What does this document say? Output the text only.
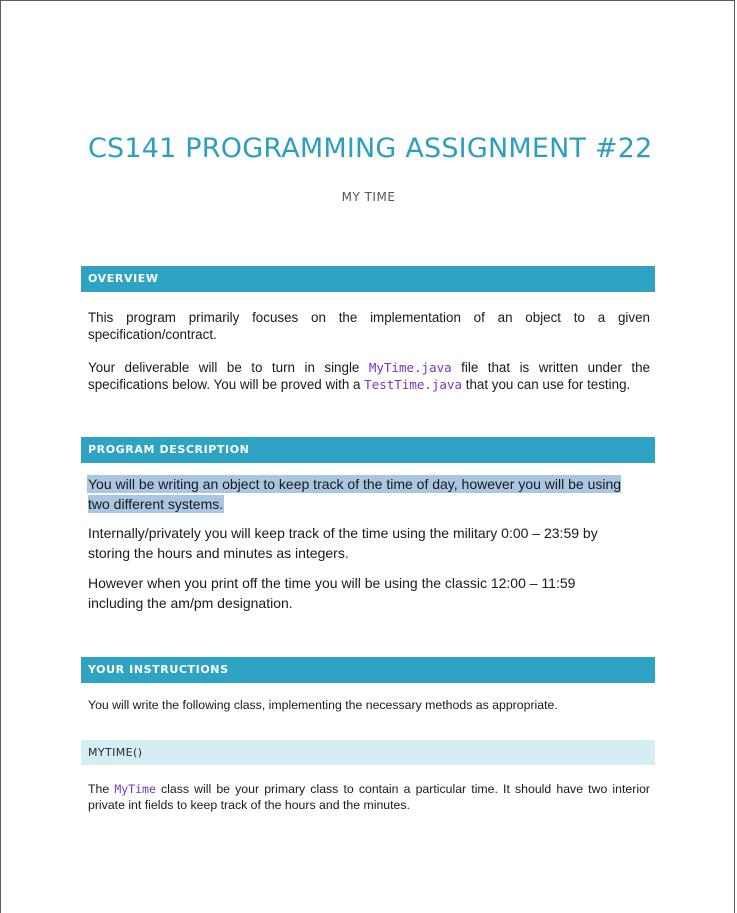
CS141 PROGRAMMING ASSIGNMENT #22
MY TIME
OVERVIEW
This program primarily focuses on the implementation of an object to a given specification/contract.
Your deliverable will be to turn in single MyTime.java file that is written under the specifications below. You will be proved with a TestTime.java that you can use for testing.
PROGRAM DESCRIPTION
You will be writing an object to keep track of the time of day, however you will be using two different systems.
Internally/privately you will keep track of the time using the military 0:00 – 23:59 by storing the hours and minutes as integers.
However when you print off the time you will be using the classic 12:00 – 11:59 including the am/pm designation.
YOUR INSTRUCTIONS
You will write the following class, implementing the necessary methods as appropriate.
MYTIME()
The MyTime class will be your primary class to contain a particular time. It should have two interior private int fields to keep track of the hours and the minutes.
